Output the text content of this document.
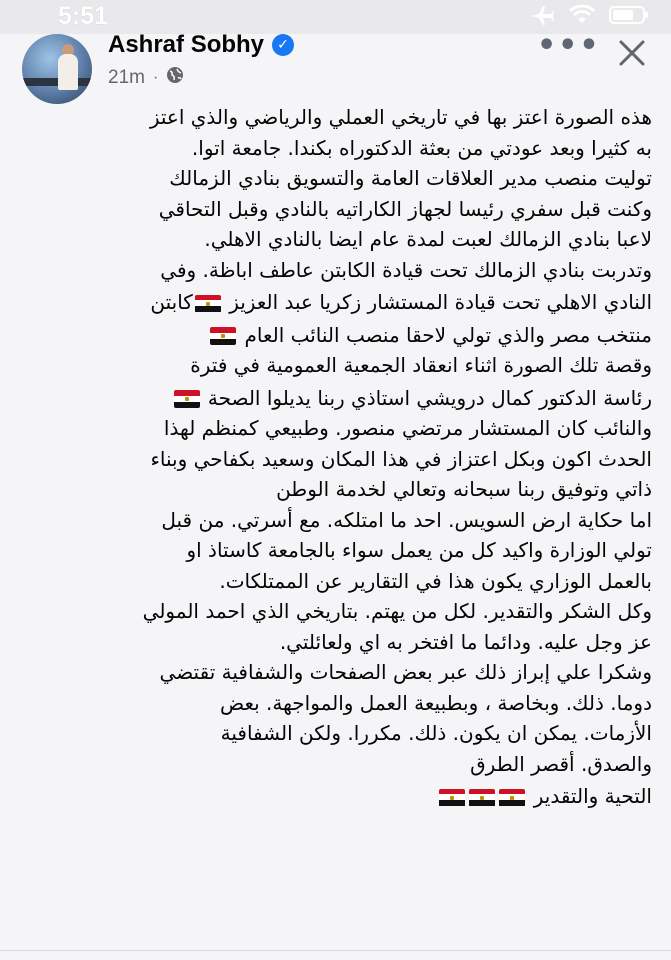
5:51
Ashraf Sobhy ✓
21m ·
•••
هذه الصورة اعتز بها في تاريخي العملي والرياضي والذي اعتز
به كثيرا وبعد عودتي من بعثة الدكتوراه بكندا. جامعة اتوا.
توليت منصب مدير العلاقات العامة والتسويق بنادي الزمالك
وكنت قبل سفري رئيسا لجهاز الكاراتيه بالنادي وقبل التحاقي
لاعبا بنادي الزمالك لعبت لمدة عام ايضا بالنادي الاهلي.
وتدربت بنادي الزمالك تحت قيادة الكابتن عاطف اباظة. وفي
النادي الاهلي تحت قيادة المستشار زكريا عبد العزيز
كابتن
منتخب مصر والذي تولي لاحقا منصب النائب العام
وقصة تلك الصورة اثناء انعقاد الجمعية العمومية في فترة
رئاسة الدكتور كمال درويشي استاذي ربنا يديلوا الصحة
والنائب كان المستشار مرتضي منصور. وطبيعي كمنظم لهذا
الحدث اكون وبكل اعتزاز في هذا المكان وسعيد بكفاحي وبناء
ذاتي وتوفيق ربنا سبحانه وتعالي لخدمة الوطن
اما حكاية ارض السويس. احد ما امتلكه. مع أسرتي. من قبل
تولي الوزارة واكيد كل من يعمل سواء بالجامعة كاستاذ او
بالعمل الوزاري يكون هذا في التقارير عن الممتلكات.
وكل الشكر والتقدير. لكل من يهتم. بتاريخي الذي احمد المولي
عز وجل عليه. ودائما ما افتخر به اي ولعائلتي.
وشكرا علي إبراز ذلك عبر بعض الصفحات والشفافية تقتضي
دوما. ذلك. وبخاصة ، وبطبيعة العمل والمواجهة. بعض
الأزمات. يمكن ان يكون. ذلك. مكررا. ولكن الشفافية
والصدق. أقصر الطرق
التحية والتقدير
